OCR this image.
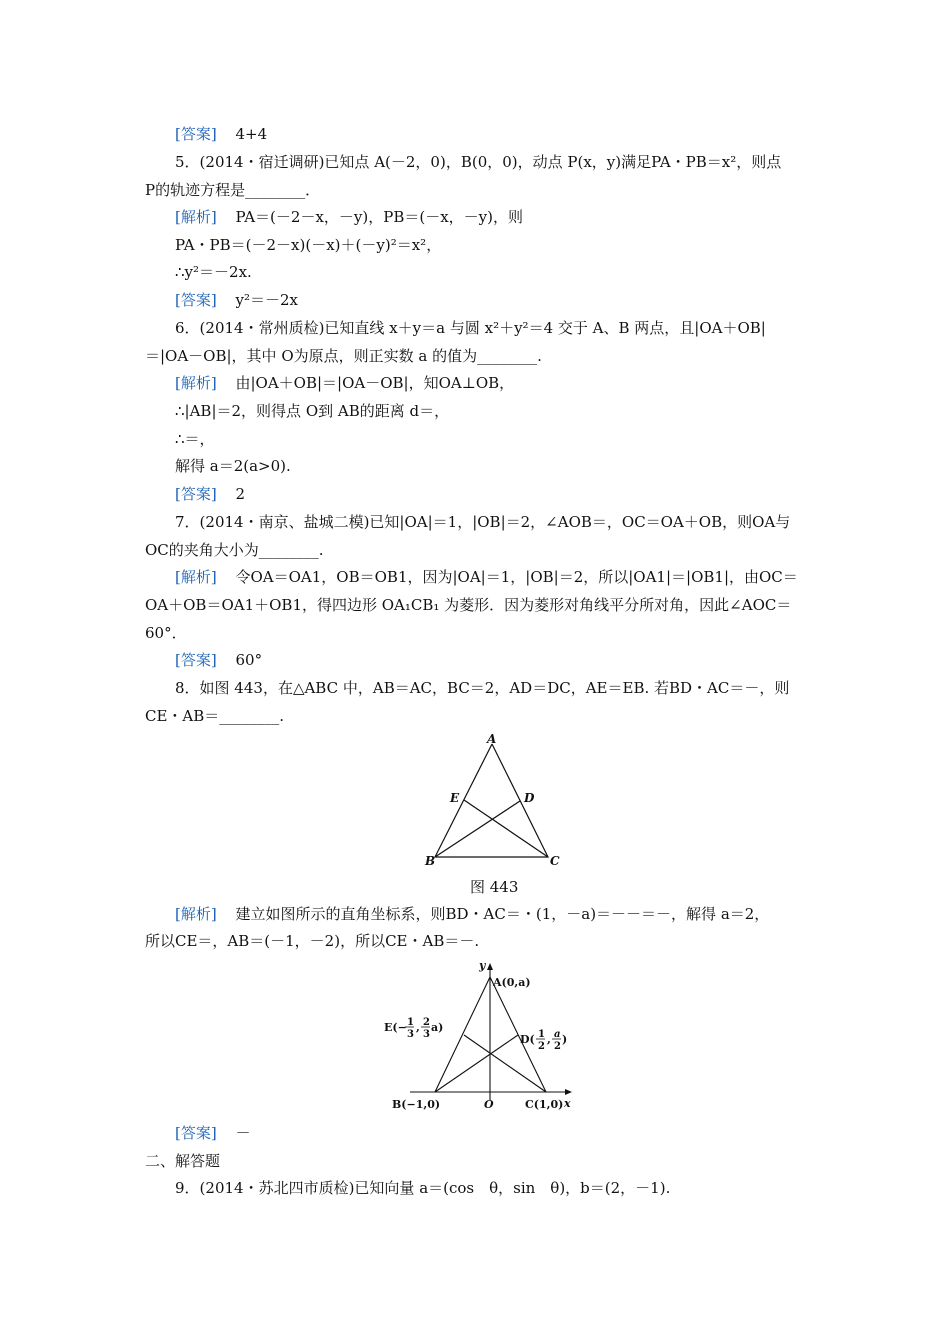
[答案] 4+4
5．(2014・宿迁调研)已知点 A(－2，0)，B(0，0)，动点 P(x，y)满足PA・PB＝x²，则点
P的轨迹方程是________．
[解析] PA＝(－2－x，－y)，PB＝(－x，－y)，则
PA・PB＝(－2－x)(－x)＋(－y)²＝x²，
∴y²＝－2x.
[答案] y²＝－2x
6．(2014・常州质检)已知直线 x＋y＝a 与圆 x²＋y²＝4 交于 A、B 两点，且|OA＋OB|
＝|OA－OB|，其中 O为原点，则正实数 a 的值为________.
[解析] 由|OA＋OB|＝|OA－OB|，知OA⊥OB，
∴|AB|＝2，则得点 O到 AB的距离 d＝，
∴＝，
解得 a＝2(a>0).
[答案] 2
7．(2014・南京、盐城二模)已知|OA|＝1，|OB|＝2，∠AOB＝，OC＝OA＋OB，则OA与
OC的夹角大小为________.
[解析] 令OA＝OA1，OB＝OB1，因为|OA|＝1，|OB|＝2，所以|OA1|＝|OB1|，由OC＝
OA＋OB＝OA1＋OB1，得四边形 OA₁CB₁ 为菱形．因为菱形对角线平分所对角，因此∠AOC＝
60°．
[答案] 60°
8．如图 443，在△ABC 中，AB＝AC，BC＝2，AD＝DC，AE＝EB. 若BD・AC＝－，则
CE・AB＝________.
A
B	C
D
E
图 443
[解析] 建立如图所示的直角坐标系，则BD・AC＝・(1，－a)＝－－＝－，解得 a＝2，
所以CE＝，AB＝(－1，－2)，所以CE・AB＝－.
y
x
O
A(0,a)
B(−1,0)	C(1,0)
E(− 1
3
, 2
3
a)
D( 1
2
, a
2
)
[答案] －
二、解答题
9．(2014・苏北四市质检)已知向量 a＝(cos　θ，sin　θ)，b＝(2，－1).
